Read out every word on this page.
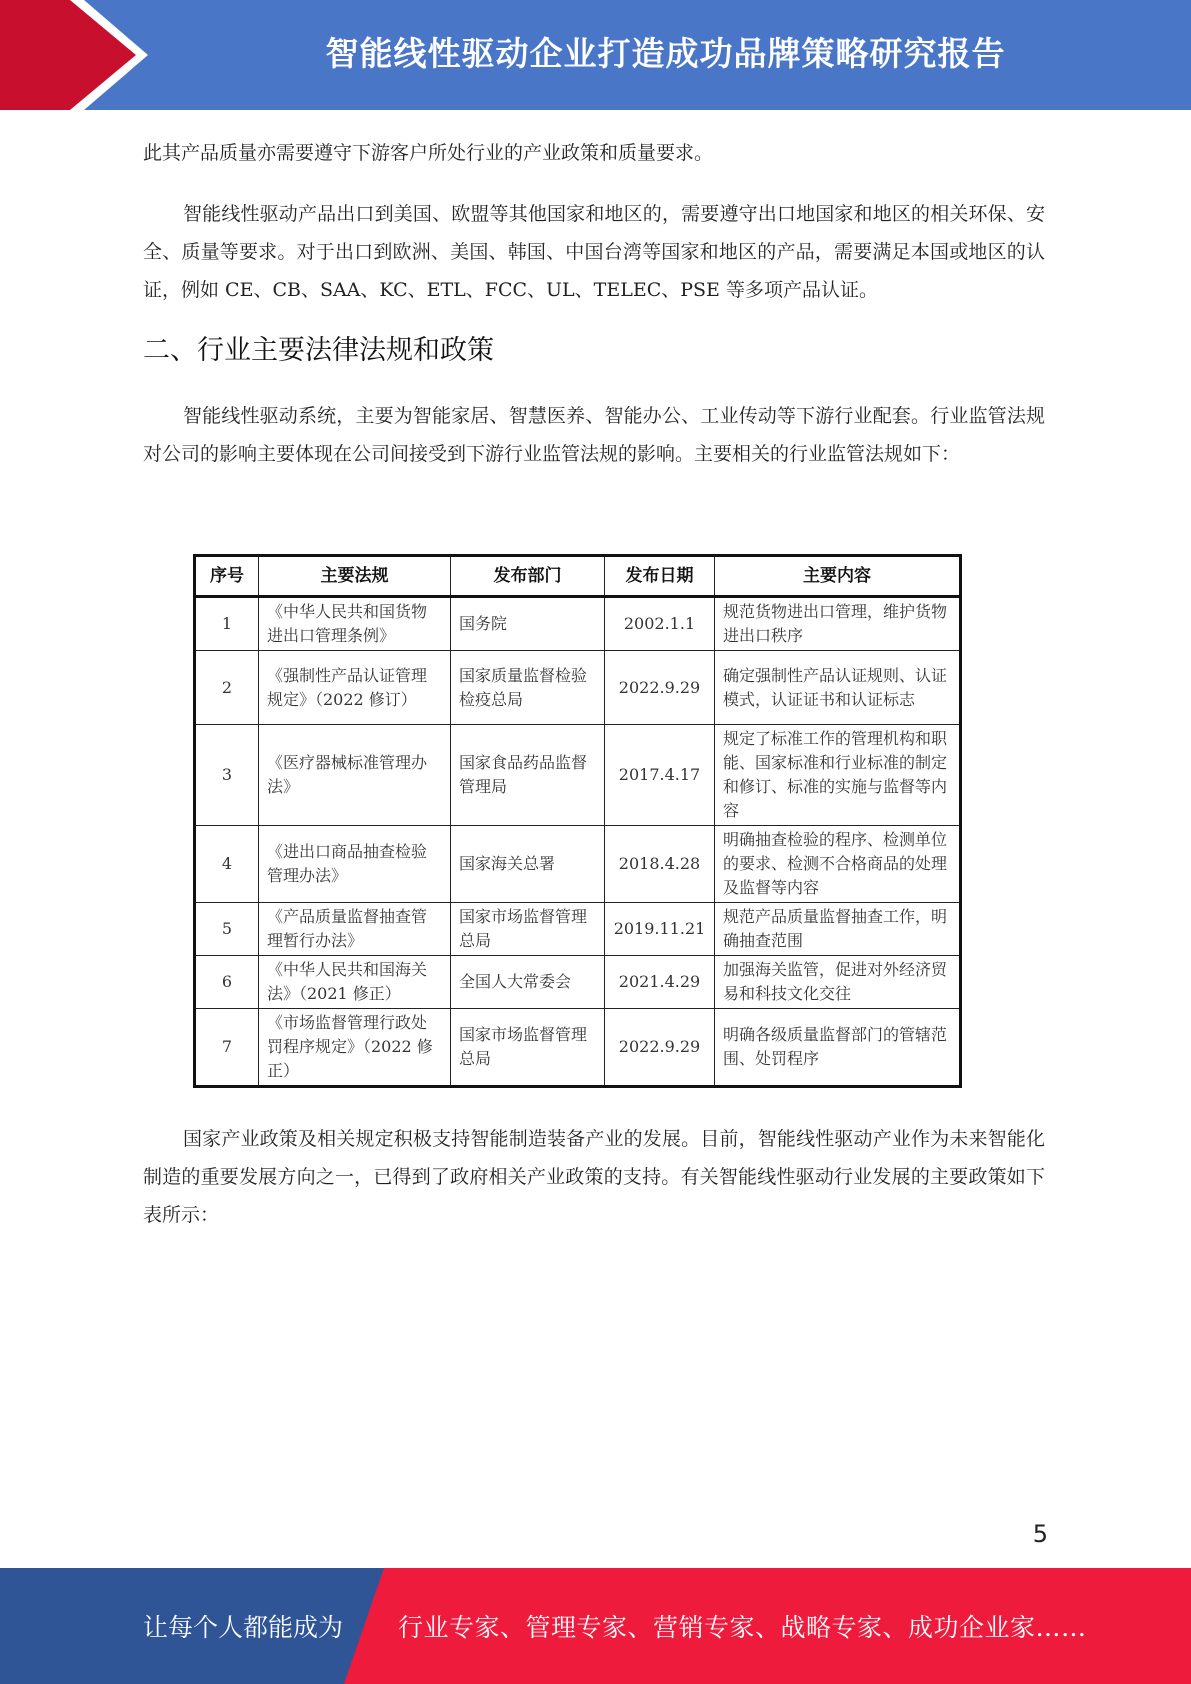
智能线性驱动企业打造成功品牌策略研究报告

此其产品质量亦需要遵守下游客户所处行业的产业政策和质量要求。

智能线性驱动产品出口到美国、欧盟等其他国家和地区的，需要遵守出口地国家和地区的相关环保、安全、质量等要求。对于出口到欧洲、美国、韩国、中国台湾等国家和地区的产品，需要满足本国或地区的认证，例如 CE、CB、SAA、KC、ETL、FCC、UL、TELEC、PSE 等多项产品认证。

二、行业主要法律法规和政策

智能线性驱动系统，主要为智能家居、智慧医养、智能办公、工业传动等下游行业配套。行业监管法规对公司的影响主要体现在公司间接受到下游行业监管法规的影响。主要相关的行业监管法规如下：

序号	主要法规	发布部门	发布日期	主要内容
1	《中华人民共和国货物进出口管理条例》	国务院	2002.1.1	规范货物进出口管理，维护货物进出口秩序
2	《强制性产品认证管理规定》（2022 修订）	国家质量监督检验检疫总局	2022.9.29	确定强制性产品认证规则、认证模式，认证证书和认证标志
3	《医疗器械标准管理办法》	国家食品药品监督管理局	2017.4.17	规定了标准工作的管理机构和职能、国家标准和行业标准的制定和修订、标准的实施与监督等内容
4	《进出口商品抽查检验管理办法》	国家海关总署	2018.4.28	明确抽查检验的程序、检测单位的要求、检测不合格商品的处理及监督等内容
5	《产品质量监督抽查管理暂行办法》	国家市场监督管理总局	2019.11.21	规范产品质量监督抽查工作，明确抽查范围
6	《中华人民共和国海关法》（2021 修正）	全国人大常委会	2021.4.29	加强海关监管，促进对外经济贸易和科技文化交往
7	《市场监督管理行政处罚程序规定》（2022 修正）	国家市场监督管理总局	2022.9.29	明确各级质量监督部门的管辖范围、处罚程序

国家产业政策及相关规定积极支持智能制造装备产业的发展。目前，智能线性驱动产业作为未来智能化制造的重要发展方向之一，已得到了政府相关产业政策的支持。有关智能线性驱动行业发展的主要政策如下表所示：

5
让每个人都能成为 行业专家、管理专家、营销专家、战略专家、成功企业家……
